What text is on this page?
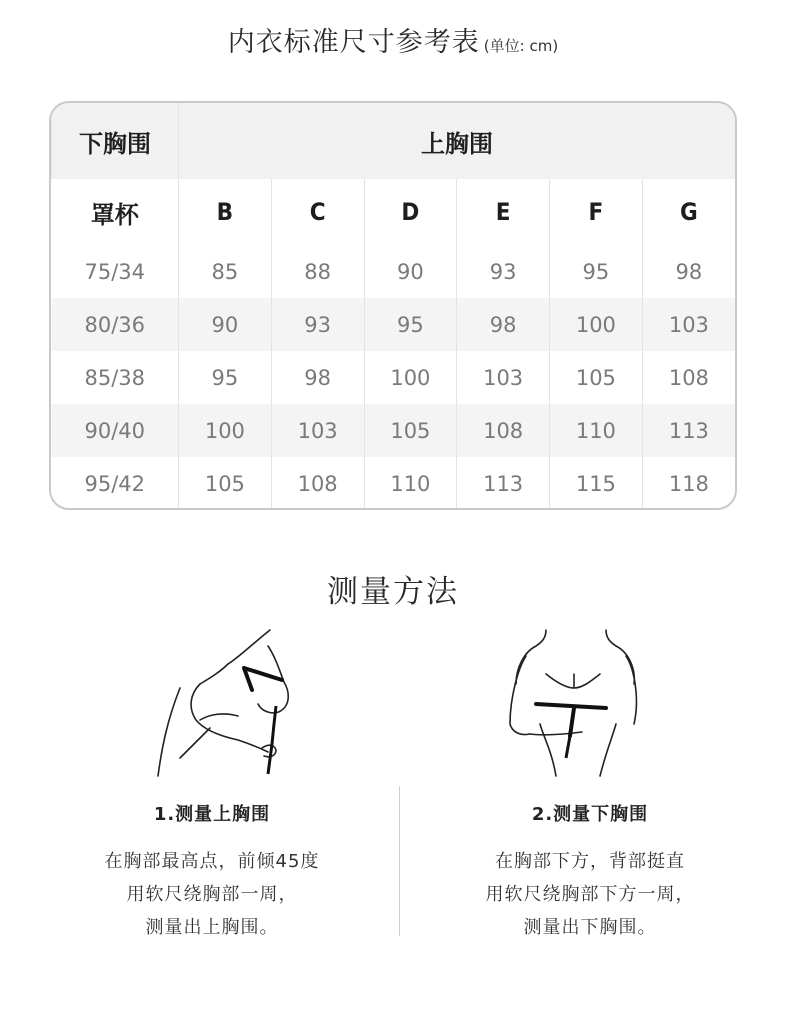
内衣标准尺寸参考表 (单位: cm)
下胸围	上胸围					
罩杯	B	C	D	E	F	G
75/34	85	88	90	93	95	98
80/36	90	93	95	98	100	103
85/38	95	98	100	103	105	108
90/40	100	103	105	108	110	113
95/42	105	108	110	113	115	118
测量方法
1.测量上胸围
在胸部最高点，前倾45度
用软尺绕胸部一周，
测量出上胸围。
2.测量下胸围
在胸部下方，背部挺直
用软尺绕胸部下方一周，
测量出下胸围。
